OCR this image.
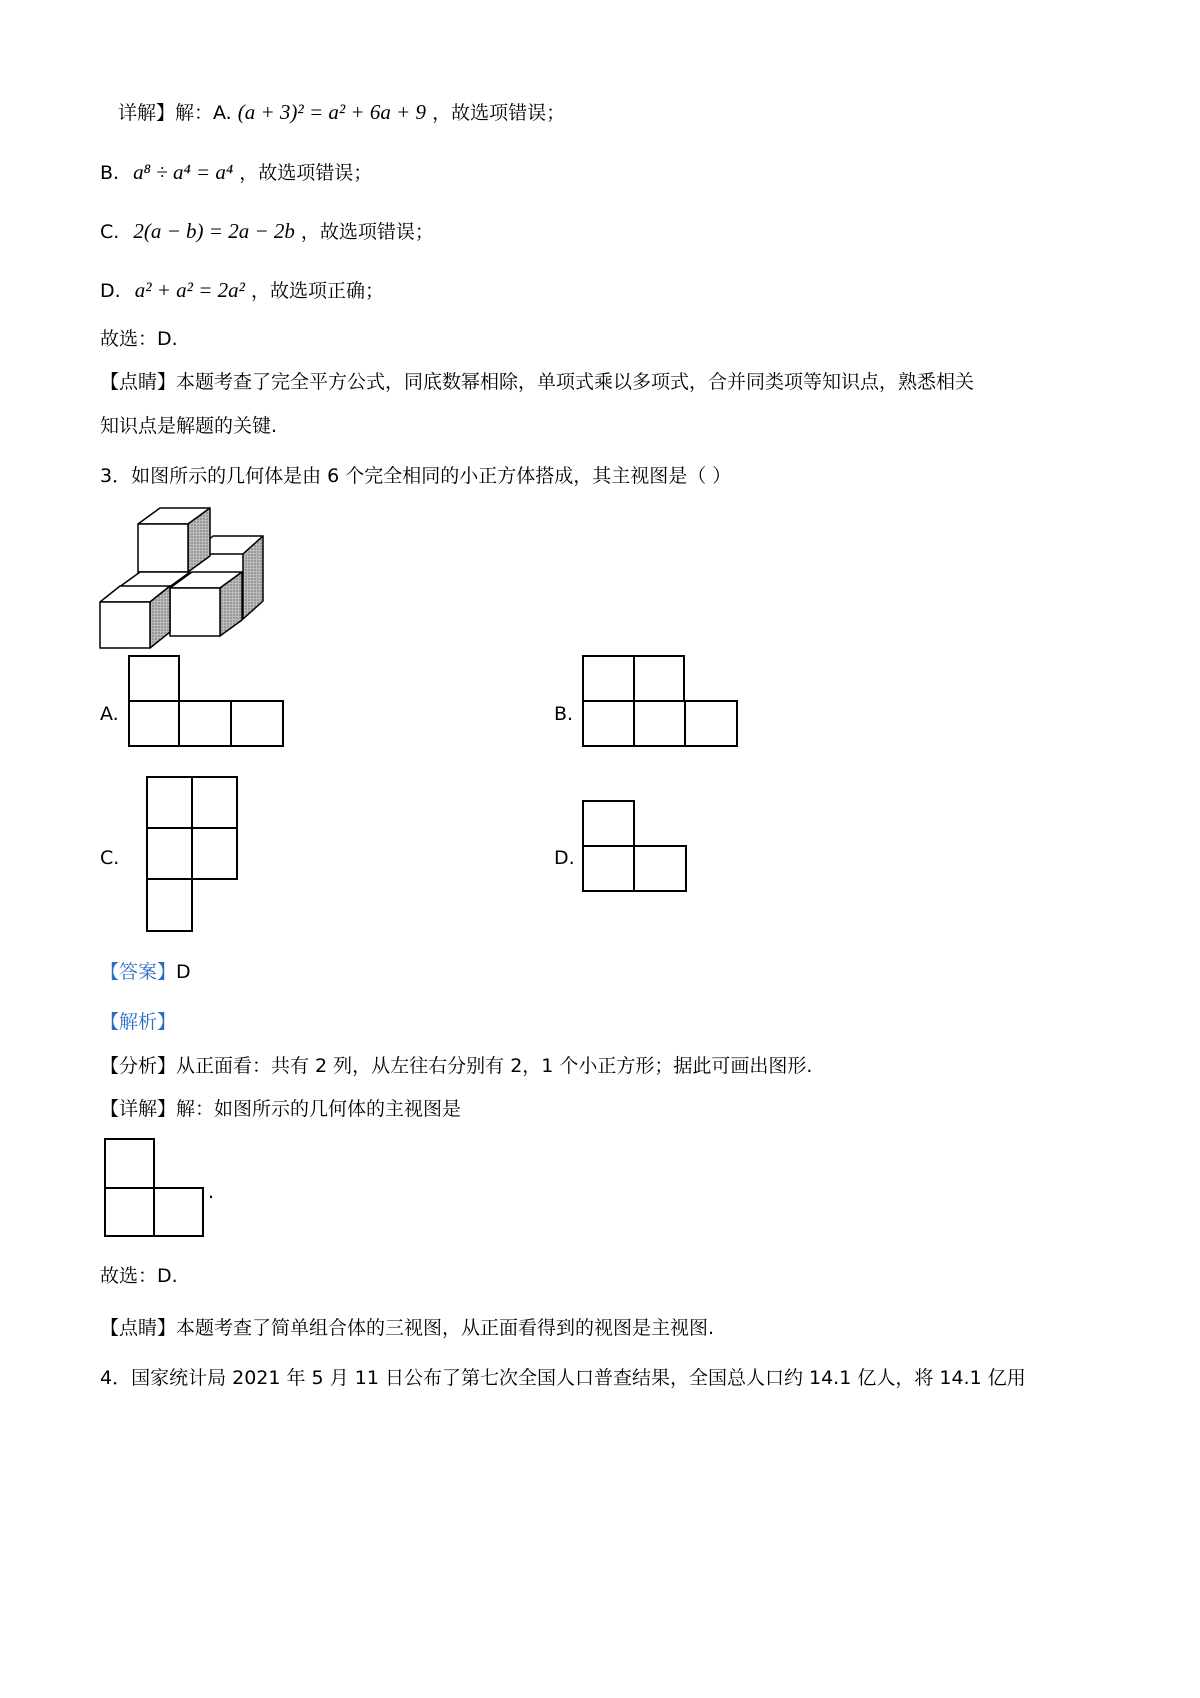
详解】解：A. (a + 3)² = a² + 6a + 9 ，故选项错误；
B. a⁸ ÷ a⁴ = a⁴ ，故选项错误；
C. 2(a − b) = 2a − 2b ，故选项错误；
D. a² + a² = 2a² ，故选项正确；
故选：D.
【点睛】本题考查了完全平方公式，同底数幂相除，单项式乘以多项式，合并同类项等知识点，熟悉相关
知识点是解题的关键.
3．如图所示的几何体是由 6 个完全相同的小正方体搭成，其主视图是（ ）
A.	B.
C.	D.
【答案】D
【解析】
【分析】从正面看：共有 2 列，从左往右分别有 2，1 个小正方形；据此可画出图形.
【详解】解：如图所示的几何体的主视图是
.
故选：D.
【点睛】本题考查了简单组合体的三视图，从正面看得到的视图是主视图.
4．国家统计局 2021 年 5 月 11 日公布了第七次全国人口普查结果，全国总人口约 14.1 亿人，将 14.1 亿用
